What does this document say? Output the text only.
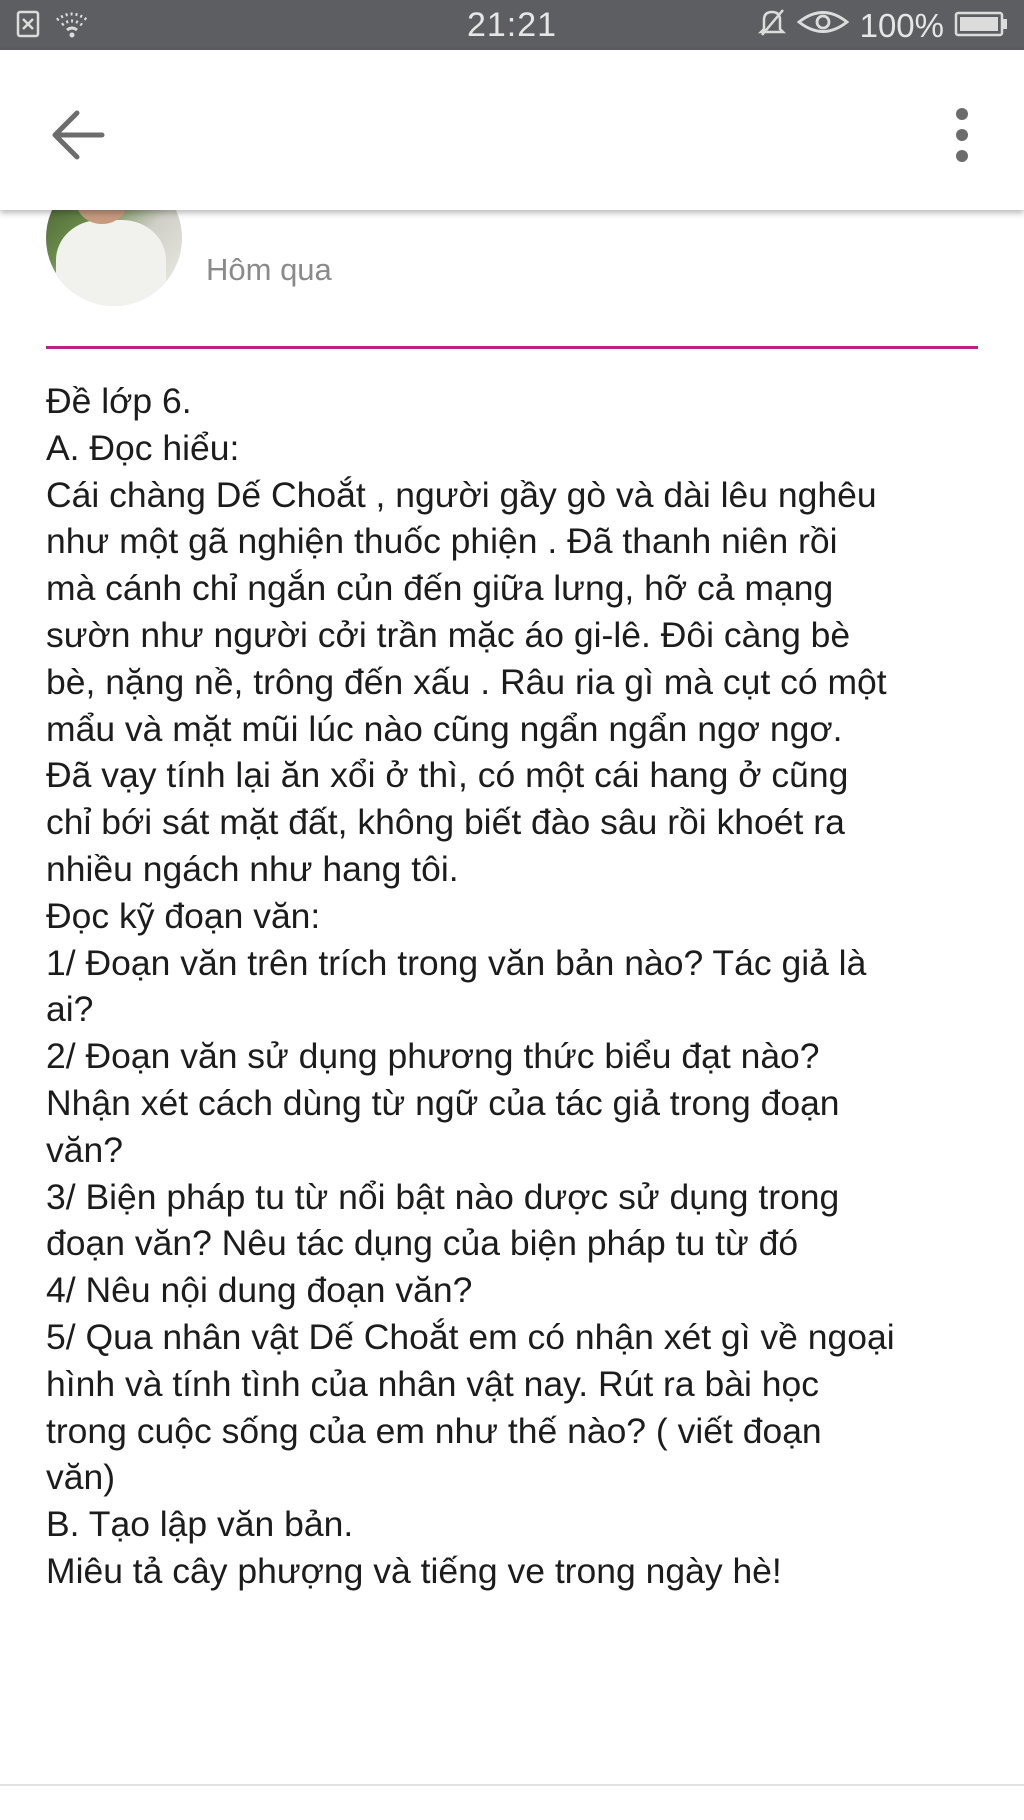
21:21	100%
Hôm qua
Đề lớp 6.
A. Đọc hiểu:
Cái chàng Dế Choắt , người gầy gò và dài lêu nghêu
như một gã nghiện thuốc phiện . Đã thanh niên rồi
mà cánh chỉ ngắn củn đến giữa lưng, hỡ cả mạng
sườn như người cởi trần mặc áo gi-lê. Đôi càng bè
bè, nặng nề, trông đến xấu . Râu ria gì mà cụt có một
mẩu và mặt mũi lúc nào cũng ngẩn ngẩn ngơ ngơ.
Đã vạy tính lại ăn xổi ở thì, có một cái hang ở cũng
chỉ bới sát mặt đất, không biết đào sâu rồi khoét ra
nhiều ngách như hang tôi.
Đọc kỹ đoạn văn:
1/ Đoạn văn trên trích trong văn bản nào? Tác giả là
ai?
2/ Đoạn văn sử dụng phương thức biểu đạt nào?
Nhận xét cách dùng từ ngữ của tác giả trong đoạn
văn?
3/ Biện pháp tu từ nổi bật nào dược sử dụng trong
đoạn văn? Nêu tác dụng của biện pháp tu từ đó
4/ Nêu nội dung đoạn văn?
5/ Qua nhân vật Dế Choắt em có nhận xét gì về ngoại
hình và tính tình của nhân vật nay. Rút ra bài học
trong cuộc sống của em như thế nào? ( viết đoạn
văn)
B. Tạo lập văn bản.
Miêu tả cây phượng và tiếng ve trong ngày hè!
